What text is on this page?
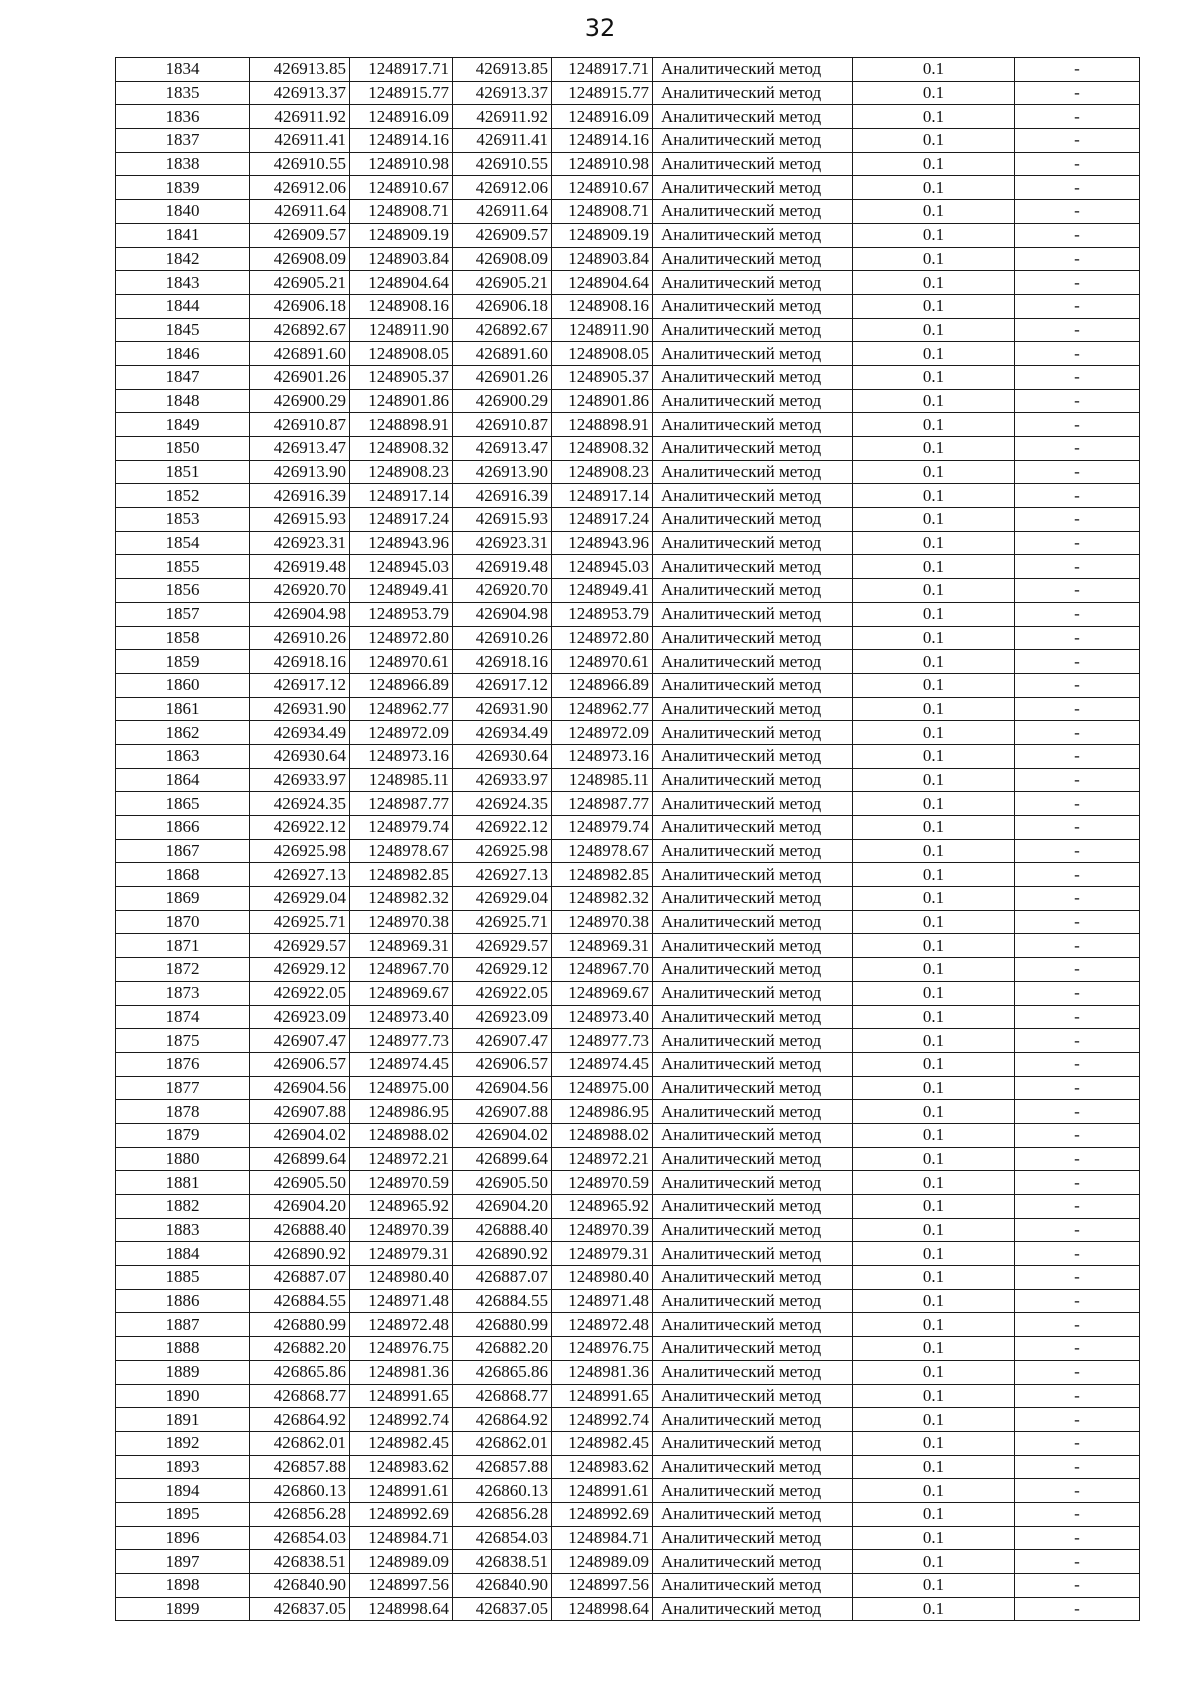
32
1834	426913.85	1248917.71	426913.85	1248917.71	Аналитический метод	0.1	-
1835	426913.37	1248915.77	426913.37	1248915.77	Аналитический метод	0.1	-
1836	426911.92	1248916.09	426911.92	1248916.09	Аналитический метод	0.1	-
1837	426911.41	1248914.16	426911.41	1248914.16	Аналитический метод	0.1	-
1838	426910.55	1248910.98	426910.55	1248910.98	Аналитический метод	0.1	-
1839	426912.06	1248910.67	426912.06	1248910.67	Аналитический метод	0.1	-
1840	426911.64	1248908.71	426911.64	1248908.71	Аналитический метод	0.1	-
1841	426909.57	1248909.19	426909.57	1248909.19	Аналитический метод	0.1	-
1842	426908.09	1248903.84	426908.09	1248903.84	Аналитический метод	0.1	-
1843	426905.21	1248904.64	426905.21	1248904.64	Аналитический метод	0.1	-
1844	426906.18	1248908.16	426906.18	1248908.16	Аналитический метод	0.1	-
1845	426892.67	1248911.90	426892.67	1248911.90	Аналитический метод	0.1	-
1846	426891.60	1248908.05	426891.60	1248908.05	Аналитический метод	0.1	-
1847	426901.26	1248905.37	426901.26	1248905.37	Аналитический метод	0.1	-
1848	426900.29	1248901.86	426900.29	1248901.86	Аналитический метод	0.1	-
1849	426910.87	1248898.91	426910.87	1248898.91	Аналитический метод	0.1	-
1850	426913.47	1248908.32	426913.47	1248908.32	Аналитический метод	0.1	-
1851	426913.90	1248908.23	426913.90	1248908.23	Аналитический метод	0.1	-
1852	426916.39	1248917.14	426916.39	1248917.14	Аналитический метод	0.1	-
1853	426915.93	1248917.24	426915.93	1248917.24	Аналитический метод	0.1	-
1854	426923.31	1248943.96	426923.31	1248943.96	Аналитический метод	0.1	-
1855	426919.48	1248945.03	426919.48	1248945.03	Аналитический метод	0.1	-
1856	426920.70	1248949.41	426920.70	1248949.41	Аналитический метод	0.1	-
1857	426904.98	1248953.79	426904.98	1248953.79	Аналитический метод	0.1	-
1858	426910.26	1248972.80	426910.26	1248972.80	Аналитический метод	0.1	-
1859	426918.16	1248970.61	426918.16	1248970.61	Аналитический метод	0.1	-
1860	426917.12	1248966.89	426917.12	1248966.89	Аналитический метод	0.1	-
1861	426931.90	1248962.77	426931.90	1248962.77	Аналитический метод	0.1	-
1862	426934.49	1248972.09	426934.49	1248972.09	Аналитический метод	0.1	-
1863	426930.64	1248973.16	426930.64	1248973.16	Аналитический метод	0.1	-
1864	426933.97	1248985.11	426933.97	1248985.11	Аналитический метод	0.1	-
1865	426924.35	1248987.77	426924.35	1248987.77	Аналитический метод	0.1	-
1866	426922.12	1248979.74	426922.12	1248979.74	Аналитический метод	0.1	-
1867	426925.98	1248978.67	426925.98	1248978.67	Аналитический метод	0.1	-
1868	426927.13	1248982.85	426927.13	1248982.85	Аналитический метод	0.1	-
1869	426929.04	1248982.32	426929.04	1248982.32	Аналитический метод	0.1	-
1870	426925.71	1248970.38	426925.71	1248970.38	Аналитический метод	0.1	-
1871	426929.57	1248969.31	426929.57	1248969.31	Аналитический метод	0.1	-
1872	426929.12	1248967.70	426929.12	1248967.70	Аналитический метод	0.1	-
1873	426922.05	1248969.67	426922.05	1248969.67	Аналитический метод	0.1	-
1874	426923.09	1248973.40	426923.09	1248973.40	Аналитический метод	0.1	-
1875	426907.47	1248977.73	426907.47	1248977.73	Аналитический метод	0.1	-
1876	426906.57	1248974.45	426906.57	1248974.45	Аналитический метод	0.1	-
1877	426904.56	1248975.00	426904.56	1248975.00	Аналитический метод	0.1	-
1878	426907.88	1248986.95	426907.88	1248986.95	Аналитический метод	0.1	-
1879	426904.02	1248988.02	426904.02	1248988.02	Аналитический метод	0.1	-
1880	426899.64	1248972.21	426899.64	1248972.21	Аналитический метод	0.1	-
1881	426905.50	1248970.59	426905.50	1248970.59	Аналитический метод	0.1	-
1882	426904.20	1248965.92	426904.20	1248965.92	Аналитический метод	0.1	-
1883	426888.40	1248970.39	426888.40	1248970.39	Аналитический метод	0.1	-
1884	426890.92	1248979.31	426890.92	1248979.31	Аналитический метод	0.1	-
1885	426887.07	1248980.40	426887.07	1248980.40	Аналитический метод	0.1	-
1886	426884.55	1248971.48	426884.55	1248971.48	Аналитический метод	0.1	-
1887	426880.99	1248972.48	426880.99	1248972.48	Аналитический метод	0.1	-
1888	426882.20	1248976.75	426882.20	1248976.75	Аналитический метод	0.1	-
1889	426865.86	1248981.36	426865.86	1248981.36	Аналитический метод	0.1	-
1890	426868.77	1248991.65	426868.77	1248991.65	Аналитический метод	0.1	-
1891	426864.92	1248992.74	426864.92	1248992.74	Аналитический метод	0.1	-
1892	426862.01	1248982.45	426862.01	1248982.45	Аналитический метод	0.1	-
1893	426857.88	1248983.62	426857.88	1248983.62	Аналитический метод	0.1	-
1894	426860.13	1248991.61	426860.13	1248991.61	Аналитический метод	0.1	-
1895	426856.28	1248992.69	426856.28	1248992.69	Аналитический метод	0.1	-
1896	426854.03	1248984.71	426854.03	1248984.71	Аналитический метод	0.1	-
1897	426838.51	1248989.09	426838.51	1248989.09	Аналитический метод	0.1	-
1898	426840.90	1248997.56	426840.90	1248997.56	Аналитический метод	0.1	-
1899	426837.05	1248998.64	426837.05	1248998.64	Аналитический метод	0.1	-
